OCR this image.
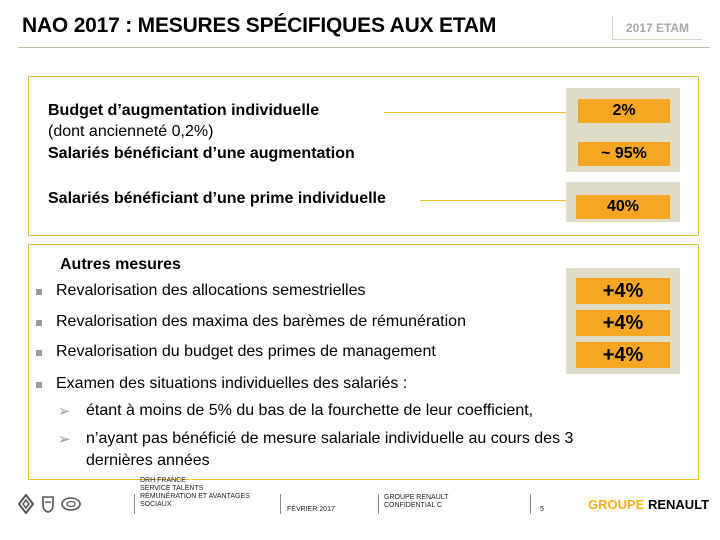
NAO 2017 : MESURES SPÉCIFIQUES AUX ETAM	2017 ETAM
Budget d’augmentation individuelle
(dont ancienneté 0,2%)
Salariés bénéficiant d’une augmentation
Salariés bénéficiant d’une prime individuelle
2%
~ 95%
40%
Autres mesures
Revalorisation des allocations semestrielles
Revalorisation des maxima des barèmes de rémunération
Revalorisation du budget des primes de management
Examen des situations individuelles des salariés :
➢ étant à moins de 5% du bas de la fourchette de leur coefficient,
➢ n’ayant pas bénéficié de mesure salariale individuelle au cours des 3
dernières années
+4%
+4%
+4%
DRH FRANCE
SERVICE TALENTS
RÉMUNÉRATION ET AVANTAGES
SOCIAUX
FÉVRIER 2017
GROUPE RENAULT
CONFIDENTIAL C
5	GROUPE RENAULT
